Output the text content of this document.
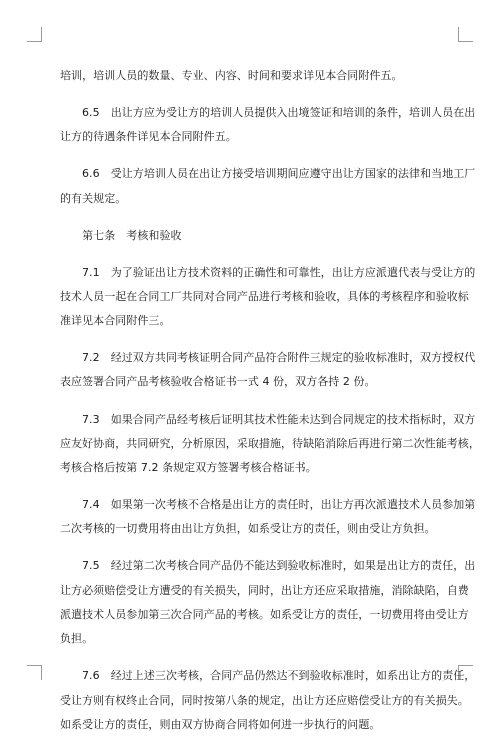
培训，培训人员的数量、专业、内容、时间和要求详见本合同附件五。

6.5　出让方应为受让方的培训人员提供入出境签证和培训的条件，培训人员在出
让方的待遇条件详见本合同附件五。

6.6　受让方培训人员在出让方接受培训期间应遵守出让方国家的法律和当地工厂
的有关规定。

　　第七条　考核和验收

7.1　为了验证出让方技术资料的正确性和可靠性，出让方应派遣代表与受让方的
技术人员一起在合同工厂共同对合同产品进行考核和验收，具体的考核程序和验收标
准详见本合同附件三。

7.2　经过双方共同考核证明合同产品符合附件三规定的验收标准时，双方授权代
表应签署合同产品考核验收合格证书一式 4 份，双方各持 2 份。

7.3　如果合同产品经考核后证明其技术性能未达到合同规定的技术指标时，双方
应友好协商，共同研究，分析原因，采取措施，待缺陷消除后再进行第二次性能考核，
考核合格后按第 7.2 条规定双方签署考核合格证书。

7.4　如果第一次考核不合格是出让方的责任时，出让方再次派遣技术人员参加第
二次考核的一切费用将由出让方负担，如系受让方的责任，则由受让方负担。

7.5　经过第二次考核合同产品仍不能达到验收标准时，如果是出让方的责任，出
让方必须赔偿受让方遭受的有关损失，同时，出让方还应采取措施，消除缺陷，自费
派遣技术人员参加第三次合同产品的考核。如系受让方的责任，一切费用将由受让方
负担。

7.6　经过上述三次考核，合同产品仍然达不到验收标准时，如系出让方的责任，
受让方则有权终止合同，同时按第八条的规定，出让方还应赔偿受让方的有关损失。
如系受让方的责任，则由双方协商合同将如何进一步执行的问题。
